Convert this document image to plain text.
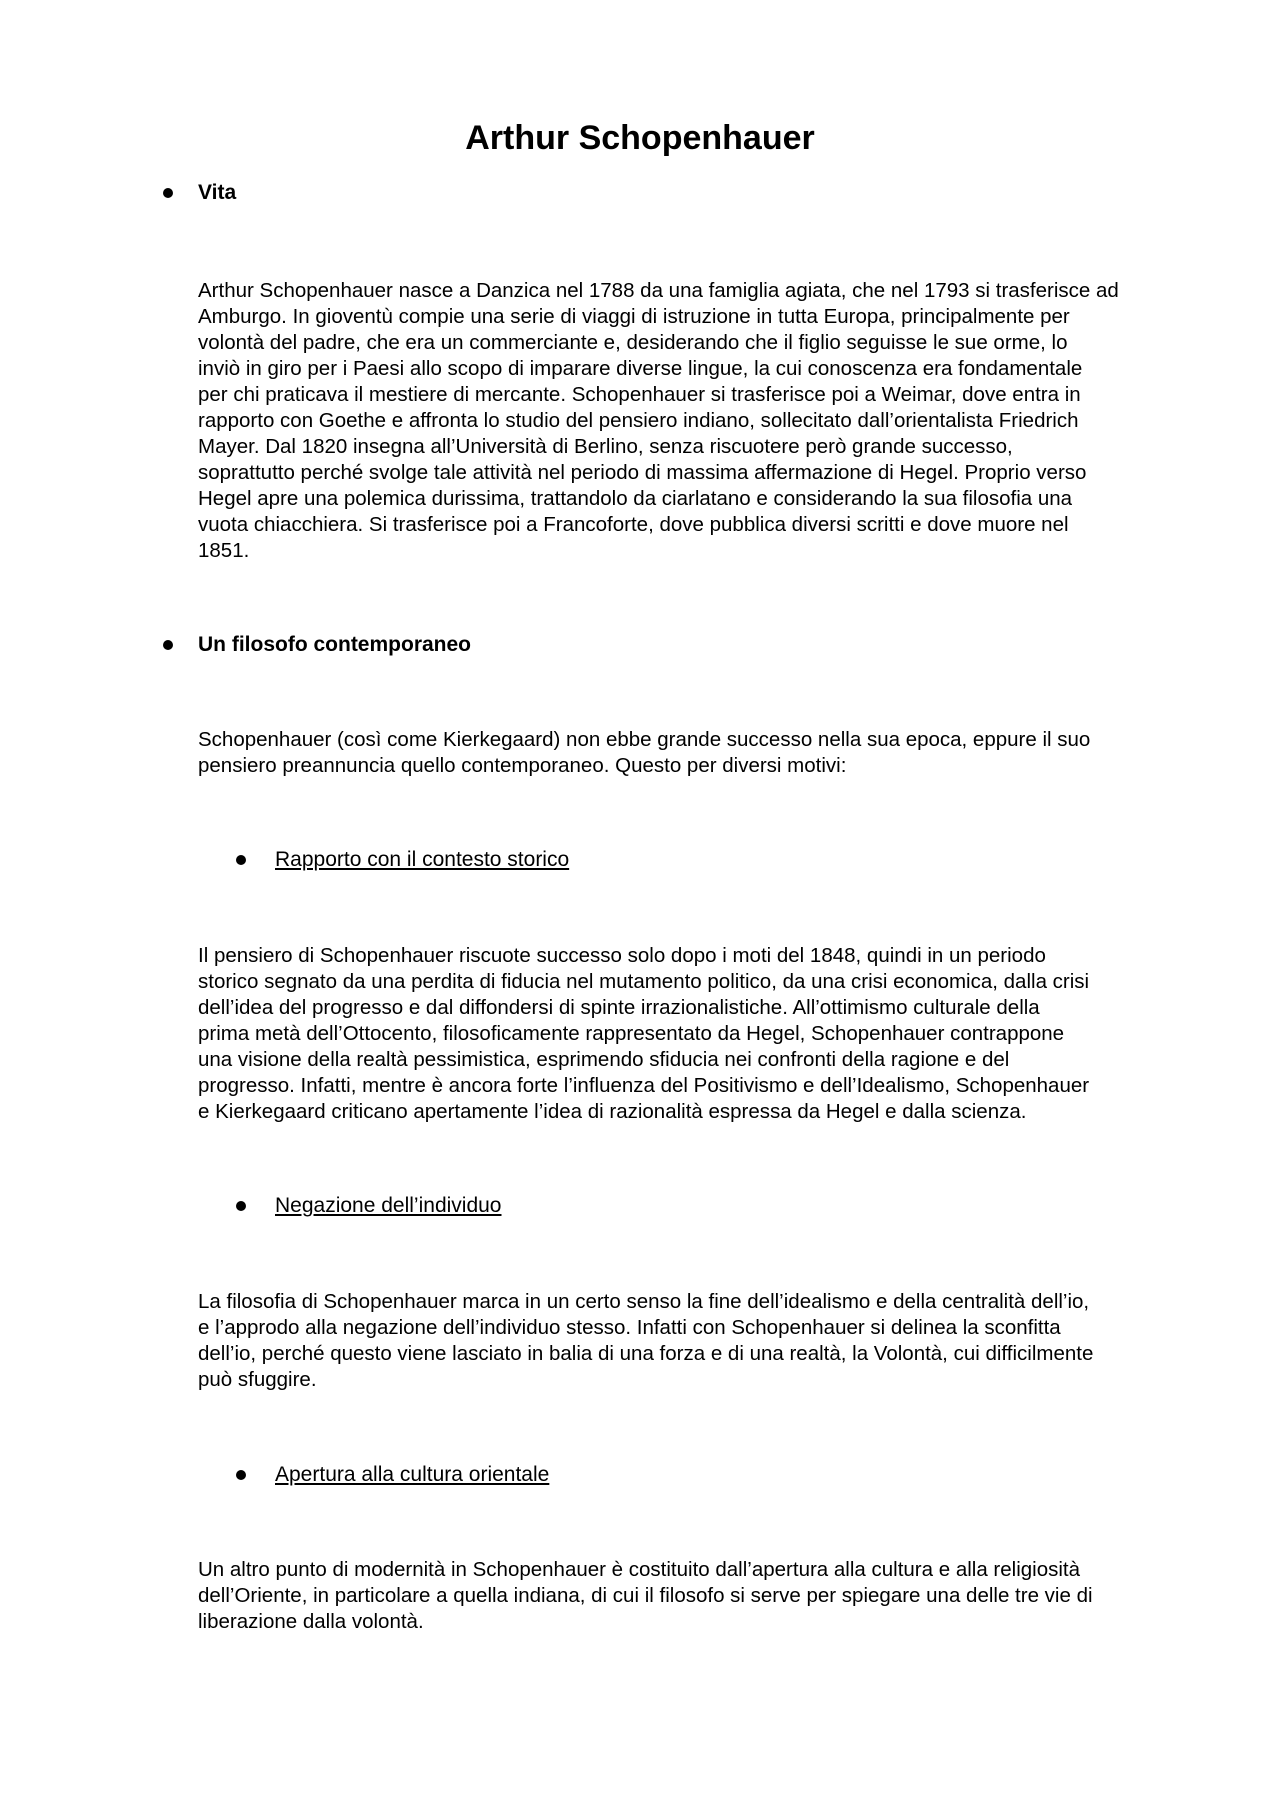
Arthur Schopenhauer
Vita
Arthur Schopenhauer nasce a Danzica nel 1788 da una famiglia agiata, che nel 1793 si trasferisce ad
Amburgo. In gioventù compie una serie di viaggi di istruzione in tutta Europa, principalmente per
volontà del padre, che era un commerciante e, desiderando che il figlio seguisse le sue orme, lo
inviò in giro per i Paesi allo scopo di imparare diverse lingue, la cui conoscenza era fondamentale
per chi praticava il mestiere di mercante. Schopenhauer si trasferisce poi a Weimar, dove entra in
rapporto con Goethe e affronta lo studio del pensiero indiano, sollecitato dall’orientalista Friedrich
Mayer. Dal 1820 insegna all’Università di Berlino, senza riscuotere però grande successo,
soprattutto perché svolge tale attività nel periodo di massima affermazione di Hegel. Proprio verso
Hegel apre una polemica durissima, trattandolo da ciarlatano e considerando la sua filosofia una
vuota chiacchiera. Si trasferisce poi a Francoforte, dove pubblica diversi scritti e dove muore nel
1851.
Un filosofo contemporaneo
Schopenhauer (così come Kierkegaard) non ebbe grande successo nella sua epoca, eppure il suo
pensiero preannuncia quello contemporaneo. Questo per diversi motivi:
Rapporto con il contesto storico
Il pensiero di Schopenhauer riscuote successo solo dopo i moti del 1848, quindi in un periodo
storico segnato da una perdita di fiducia nel mutamento politico, da una crisi economica, dalla crisi
dell’idea del progresso e dal diffondersi di spinte irrazionalistiche. All’ottimismo culturale della
prima metà dell’Ottocento, filosoficamente rappresentato da Hegel, Schopenhauer contrappone
una visione della realtà pessimistica, esprimendo sfiducia nei confronti della ragione e del
progresso. Infatti, mentre è ancora forte l’influenza del Positivismo e dell’Idealismo, Schopenhauer
e Kierkegaard criticano apertamente l’idea di razionalità espressa da Hegel e dalla scienza.
Negazione dell’individuo
La filosofia di Schopenhauer marca in un certo senso la fine dell’idealismo e della centralità dell’io,
e l’approdo alla negazione dell’individuo stesso. Infatti con Schopenhauer si delinea la sconfitta
dell’io, perché questo viene lasciato in balia di una forza e di una realtà, la Volontà, cui difficilmente
può sfuggire.
Apertura alla cultura orientale
Un altro punto di modernità in Schopenhauer è costituito dall’apertura alla cultura e alla religiosità
dell’Oriente, in particolare a quella indiana, di cui il filosofo si serve per spiegare una delle tre vie di
liberazione dalla volontà.
